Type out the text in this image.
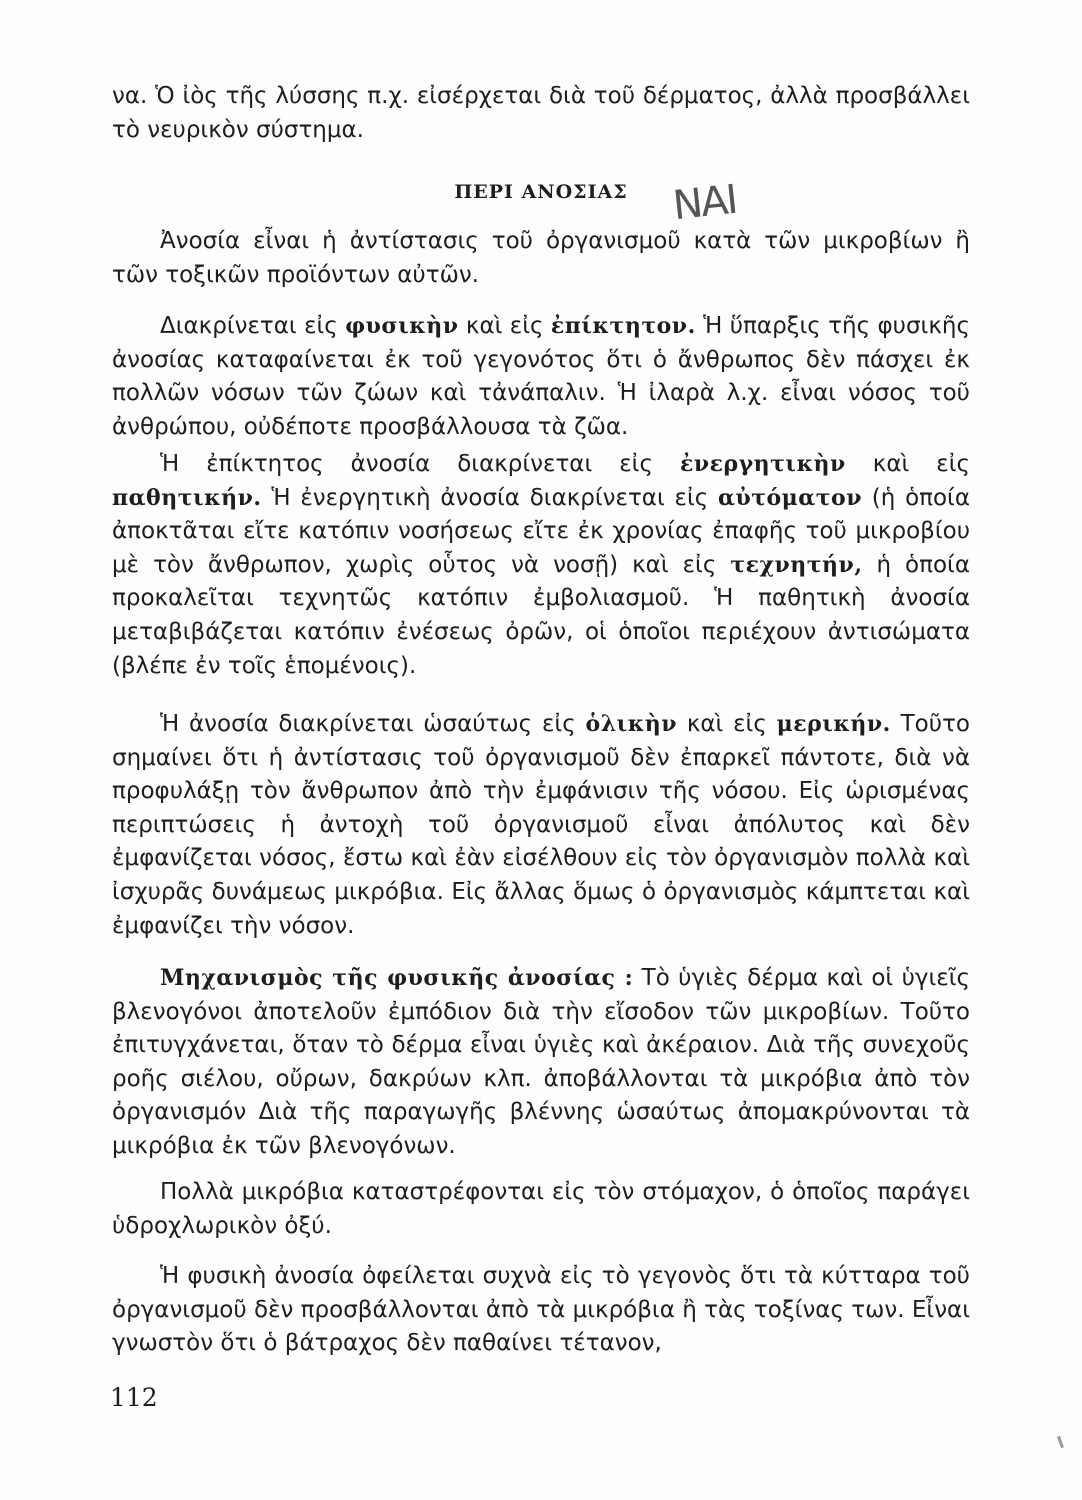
να. Ὁ ἰὸς τῆς λύσσης π.χ. εἰσέρχεται διὰ τοῦ δέρματος, ἀλλὰ προσβάλλει τὸ νευρικὸν σύστημα.

ΠΕΡΙ ΑΝΟΣΙΑΣ	ΝΑΙ

Ἀνοσία εἶναι ἡ ἀντίστασις τοῦ ὀργανισμοῦ κατὰ τῶν μικροβίων ἢ τῶν τοξικῶν προϊόντων αὐτῶν.

Διακρίνεται εἰς φυσικὴν καὶ εἰς ἐπίκτητον. Ἡ ὕπαρξις τῆς φυσικῆς ἀνοσίας καταφαίνεται ἐκ τοῦ γεγονότος ὅτι ὁ ἄνθρωπος δὲν πάσχει ἐκ πολλῶν νόσων τῶν ζώων καὶ τἀνάπαλιν. Ἡ ἰλαρὰ λ.χ. εἶναι νόσος τοῦ ἀνθρώπου, οὐδέποτε προσβάλλουσα τὰ ζῶα.

Ἡ ἐπίκτητος ἀνοσία διακρίνεται εἰς ἐνεργητικὴν καὶ εἰς παθητικήν. Ἡ ἐνεργητικὴ ἀνοσία διακρίνεται εἰς αὐτόματον (ἡ ὁποία ἀποκτᾶται εἴτε κατόπιν νοσήσεως εἴτε ἐκ χρονίας ἐπαφῆς τοῦ μικροβίου μὲ τὸν ἄνθρωπον, χωρὶς οὗτος νὰ νοσῇ) καὶ εἰς τεχνητήν, ἡ ὁποία προκαλεῖται τεχνητῶς κατόπιν ἐμβολιασμοῦ. Ἡ παθητικὴ ἀνοσία μεταβιβάζεται κατόπιν ἐνέσεως ὀρῶν, οἱ ὁποῖοι περιέχουν ἀντισώματα (βλέπε ἐν τοῖς ἑπομένοις).

Ἡ ἀνοσία διακρίνεται ὡσαύτως εἰς ὁλικὴν καὶ εἰς μερικήν. Τοῦτο σημαίνει ὅτι ἡ ἀντίστασις τοῦ ὀργανισμοῦ δὲν ἐπαρκεῖ πάντοτε, διὰ νὰ προφυλάξῃ τὸν ἄνθρωπον ἀπὸ τὴν ἐμφάνισιν τῆς νόσου. Εἰς ὡρισμένας περιπτώσεις ἡ ἀντοχὴ τοῦ ὀργανισμοῦ εἶναι ἀπόλυτος καὶ δὲν ἐμφανίζεται νόσος, ἔστω καὶ ἐὰν εἰσέλθουν εἰς τὸν ὀργανισμὸν πολλὰ καὶ ἰσχυρᾶς δυνάμεως μικρόβια. Εἰς ἄλλας ὅμως ὁ ὀργανισμὸς κάμπτεται καὶ ἐμφανίζει τὴν νόσον.

Μηχανισμὸς τῆς φυσικῆς ἀνοσίας : Τὸ ὑγιὲς δέρμα καὶ οἱ ὑγιεῖς βλενογόνοι ἀποτελοῦν ἐμπόδιον διὰ τὴν εἴσοδον τῶν μικροβίων. Τοῦτο ἐπιτυγχάνεται, ὅταν τὸ δέρμα εἶναι ὑγιὲς καὶ ἀκέραιον. Διὰ τῆς συνεχοῦς ροῆς σιέλου, οὔρων, δακρύων κλπ. ἀποβάλλονται τὰ μικρόβια ἀπὸ τὸν ὀργανισμόν Διὰ τῆς παραγωγῆς βλέννης ὡσαύτως ἀπομακρύνονται τὰ μικρόβια ἐκ τῶν βλενογόνων.

Πολλὰ μικρόβια καταστρέφονται εἰς τὸν στόμαχον, ὁ ὁποῖος παράγει ὑδροχλωρικὸν ὀξύ.

Ἡ φυσικὴ ἀνοσία ὀφείλεται συχνὰ εἰς τὸ γεγονὸς ὅτι τὰ κύτταρα τοῦ ὀργανισμοῦ δὲν προσβάλλονται ἀπὸ τὰ μικρόβια ἢ τὰς τοξίνας των. Εἶναι γνωστὸν ὅτι ὁ βάτραχος δὲν παθαίνει τέτανον,

112
